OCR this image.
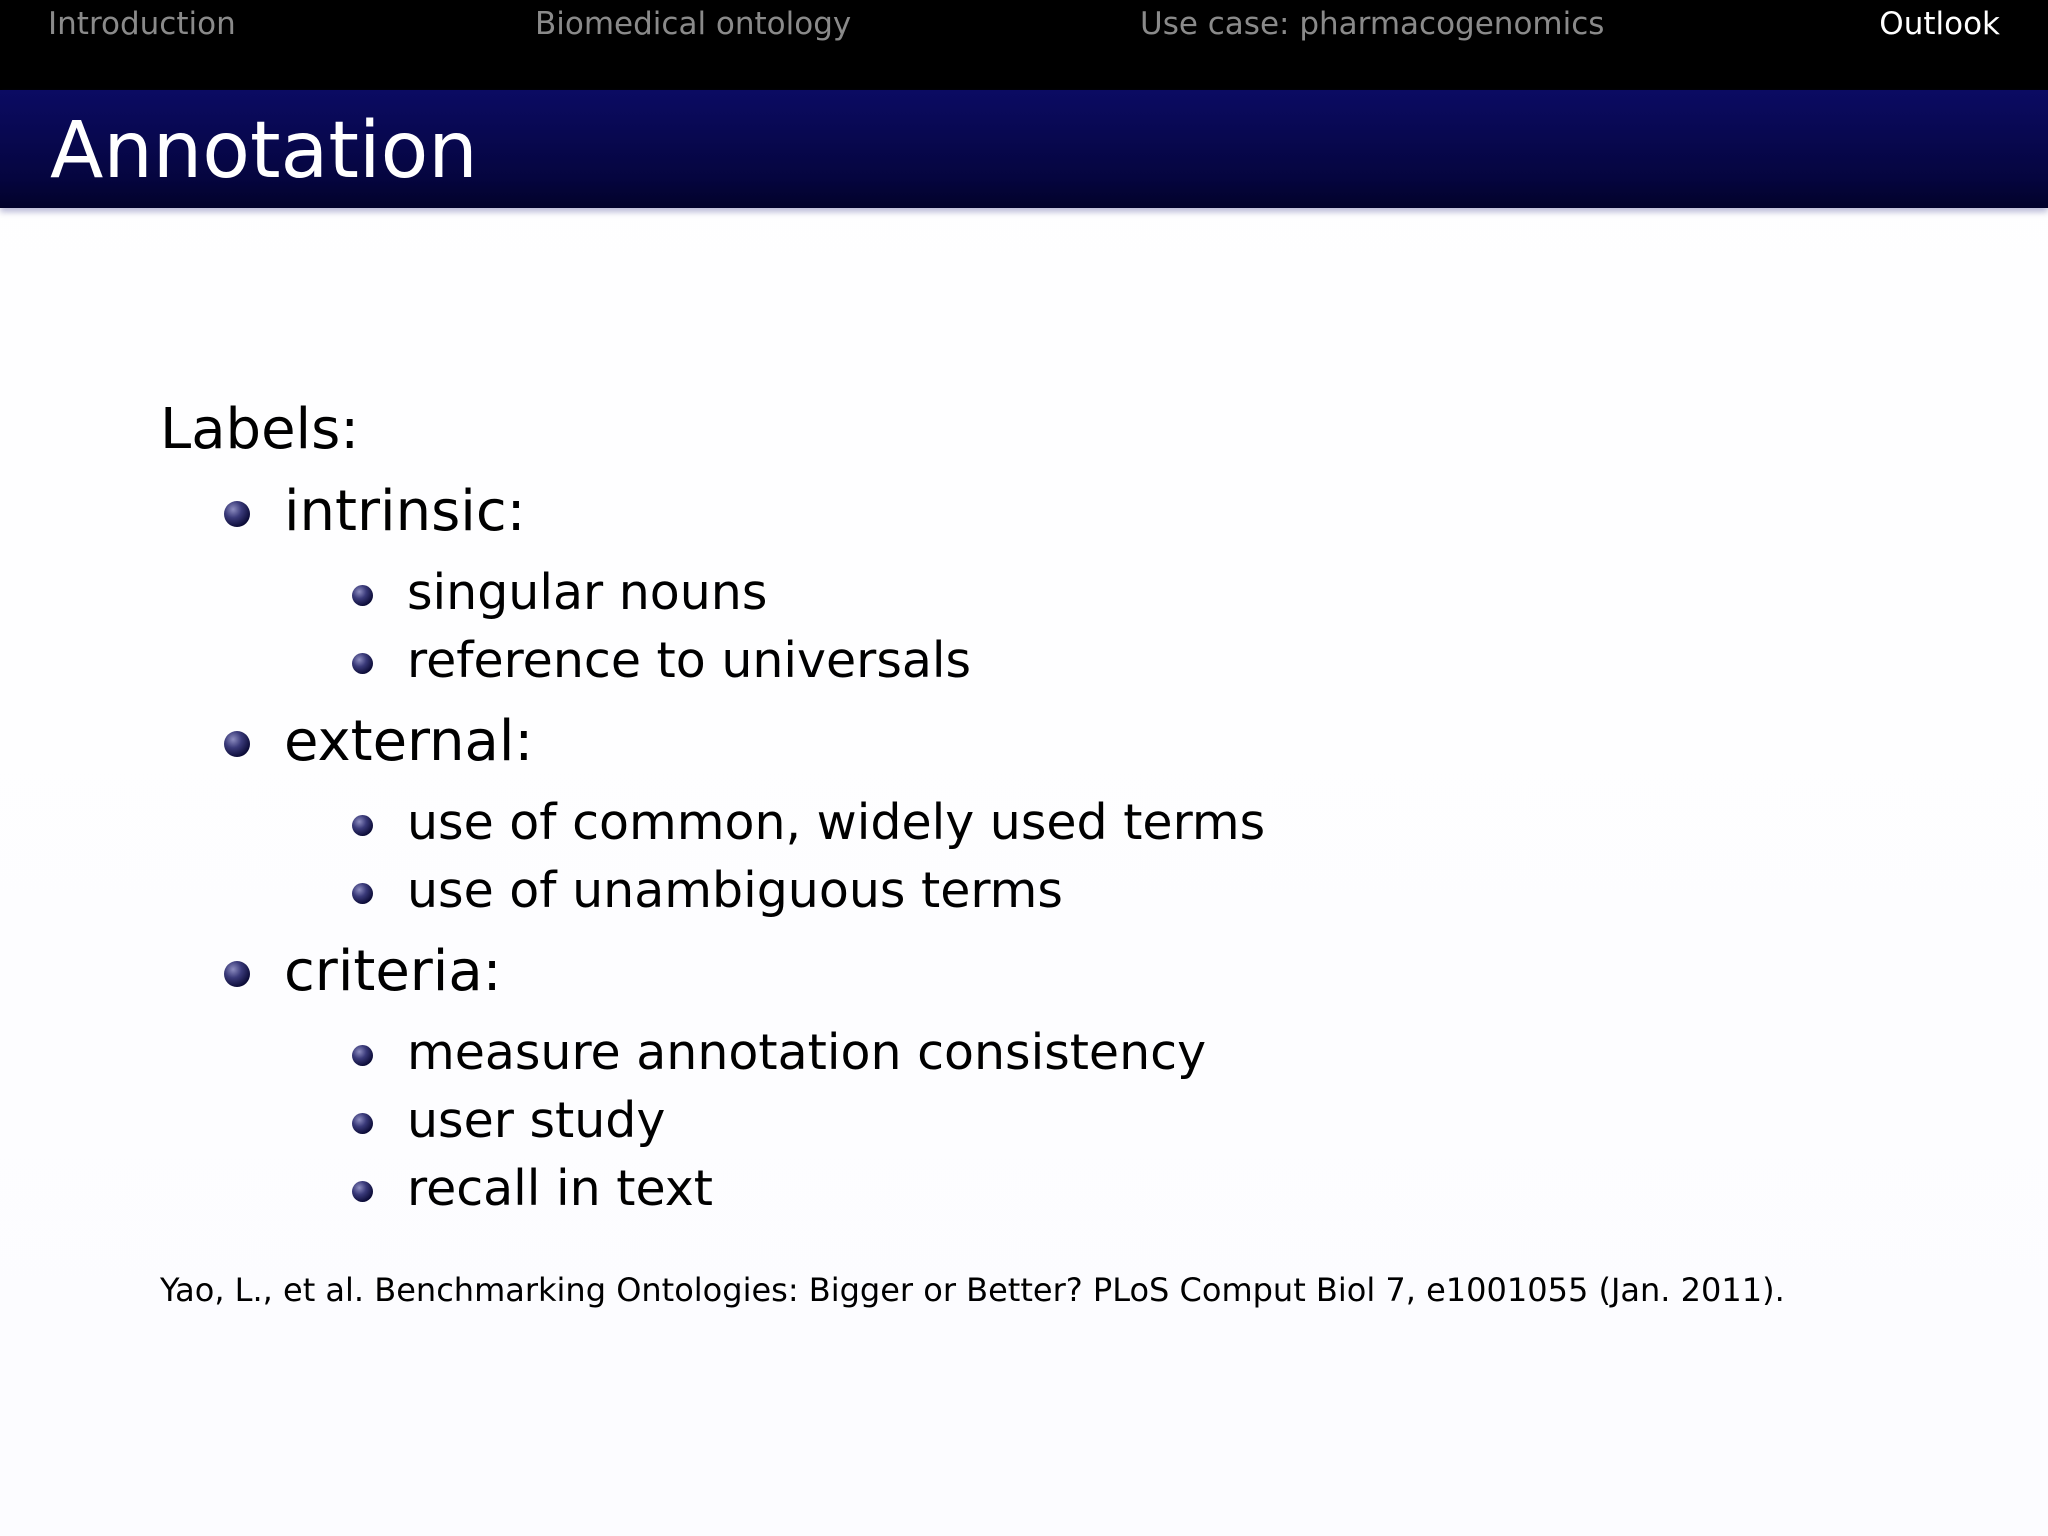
Introduction	Biomedical ontology	Use case: pharmacogenomics	Outlook
Annotation
Labels:
intrinsic:
singular nouns
reference to universals
external:
use of common, widely used terms
use of unambiguous terms
criteria:
measure annotation consistency
user study
recall in text
Yao, L., et al. Benchmarking Ontologies: Bigger or Better? PLoS Comput Biol 7, e1001055 (Jan. 2011).
